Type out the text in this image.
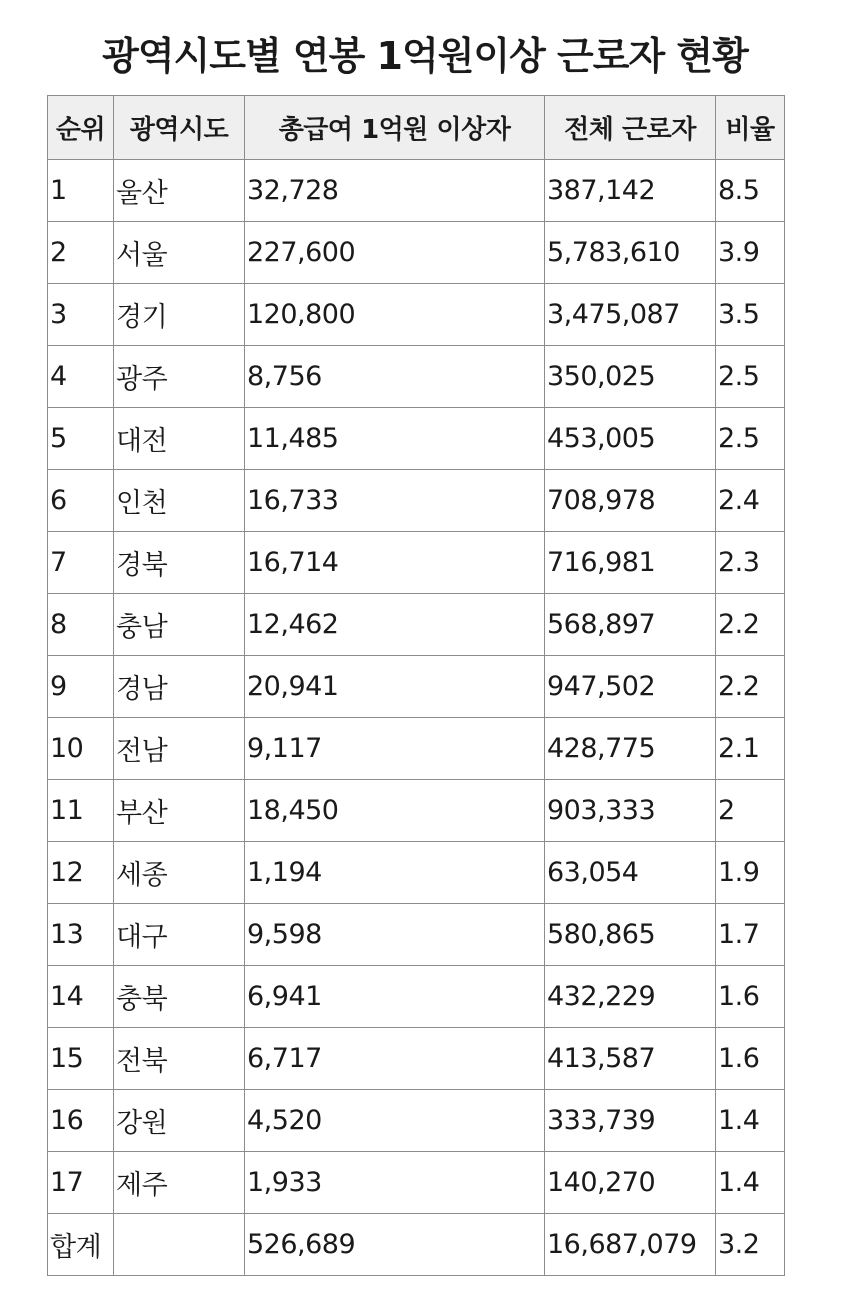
광역시도별 연봉 1억원이상 근로자 현황
순위	광역시도	총급여 1억원 이상자	전체 근로자	비율
1	울산	32,728	387,142	8.5
2	서울	227,600	5,783,610	3.9
3	경기	120,800	3,475,087	3.5
4	광주	8,756	350,025	2.5
5	대전	11,485	453,005	2.5
6	인천	16,733	708,978	2.4
7	경북	16,714	716,981	2.3
8	충남	12,462	568,897	2.2
9	경남	20,941	947,502	2.2
10	전남	9,117	428,775	2.1
11	부산	18,450	903,333	2
12	세종	1,194	63,054	1.9
13	대구	9,598	580,865	1.7
14	충북	6,941	432,229	1.6
15	전북	6,717	413,587	1.6
16	강원	4,520	333,739	1.4
17	제주	1,933	140,270	1.4
합계		526,689	16,687,079	3.2
